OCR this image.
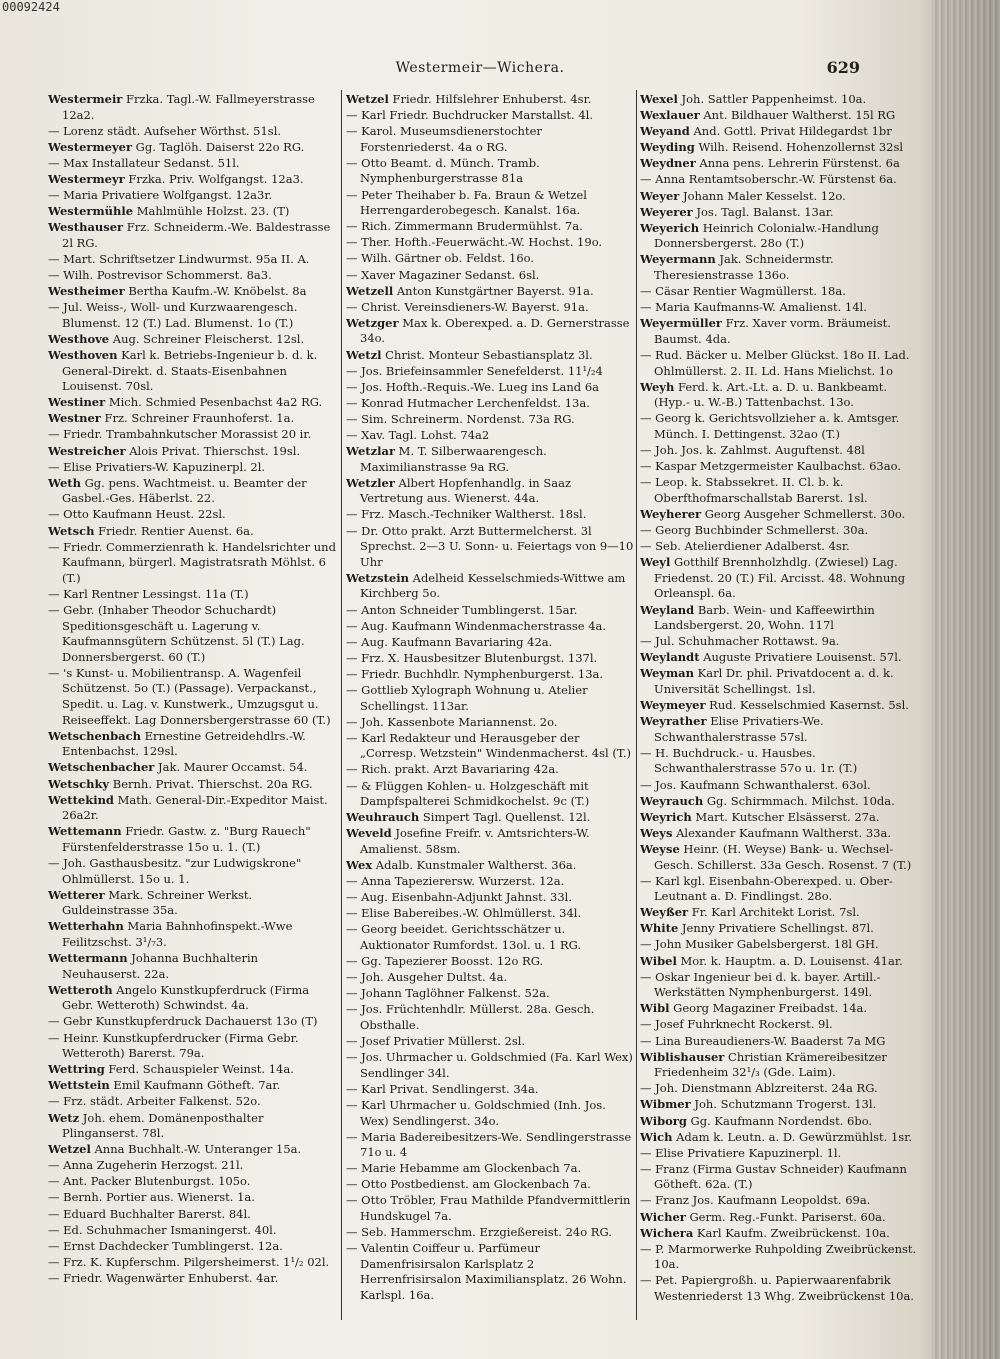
00092424
Westermeir—Wichera.	629
Westermeir Frzka. Tagl.-W. Fallmeyerstrasse 12a2.
— Lorenz städt. Aufseher Wörthst. 51sl.
Westermeyer Gg. Taglöh. Daiserst 22o RG.
— Max Installateur Sedanst. 51l.
Westermeyr Frzka. Priv. Wolfgangst. 12a3.
— Maria Privatiere Wolfgangst. 12a3r.
Westermühle Mahlmühle Holzst. 23. (T)
Westhauser Frz. Schneiderm.-We. Baldestrasse 2l RG.
— Mart. Schriftsetzer Lindwurmst. 95a II. A.
— Wilh. Postrevisor Schommerst. 8a3.
Westheimer Bertha Kaufm.-W. Knöbelst. 8a
— Jul. Weiss-, Woll- und Kurzwaarengesch. Blumenst. 12 (T.) Lad. Blumenst. 1o (T.)
Westhove Aug. Schreiner Fleischerst. 12sl.
Westhoven Karl k. Betriebs-Ingenieur b. d. k. General-Direkt. d. Staats-Eisenbahnen Louisenst. 70sl.
Westiner Mich. Schmied Pesenbachst 4a2 RG.
Westner Frz. Schreiner Fraunhoferst. 1a.
— Friedr. Trambahnkutscher Morassist 20 ir.
Westreicher Alois Privat. Thierschst. 19sl.
— Elise Privatiers-W. Kapuzinerpl. 2l.
Weth Gg. pens. Wachtmeist. u. Beamter der Gasbel.-Ges. Häberlst. 22.
— Otto Kaufmann Heust. 22sl.
Wetsch Friedr. Rentier Auenst. 6a.
— Friedr. Commerzienrath k. Handelsrichter und Kaufmann, bürgerl. Magistratsrath Möhlst. 6 (T.)
— Karl Rentner Lessingst. 11a (T.)
— Gebr. (Inhaber Theodor Schuchardt) Speditionsgeschäft u. Lagerung v. Kaufmannsgütern Schützenst. 5l (T.) Lag. Donnersbergerst. 60 (T.)
— 's Kunst- u. Mobilientransp. A. Wagenfeil Schützenst. 5o (T.) (Passage). Verpackanst., Spedit. u. Lag. v. Kunstwerk., Umzugsgut u. Reiseeffekt. Lag Donnersbergerstrasse 60 (T.)
Wetschenbach Ernestine Getreidehdlrs.-W. Entenbachst. 129sl.
Wetschenbacher Jak. Maurer Occamst. 54.
Wetschky Bernh. Privat. Thierschst. 20a RG.
Wettekind Math. General-Dir.-Expeditor Maist. 26a2r.
Wettemann Friedr. Gastw. z. "Burg Rauech" Fürstenfelderstrasse 15o u. 1. (T.)
— Joh. Gasthausbesitz. "zur Ludwigskrone" Ohlmüllerst. 15o u. 1.
Wetterer Mark. Schreiner Werkst. Guldeinstrasse 35a.
Wetterhahn Maria Bahnhofinspekt.-Wwe Feilitzschst. 3¹/₇3.
Wettermann Johanna Buchhalterin Neuhauserst. 22a.
Wetteroth Angelo Kunstkupferdruck (Firma Gebr. Wetteroth) Schwindst. 4a.
— Gebr Kunstkupferdruck Dachauerst 13o (T)
— Heinr. Kunstkupferdrucker (Firma Gebr. Wetteroth) Barerst. 79a.
Wettring Ferd. Schauspieler Weinst. 14a.
Wettstein Emil Kaufmann Götheft. 7ar.
— Frz. städt. Arbeiter Falkenst. 52o.
Wetz Joh. ehem. Domänenposthalter Plinganserst. 78l.
Wetzel Anna Buchhalt.-W. Unteranger 15a.
— Anna Zugeherin Herzogst. 21l.
— Ant. Packer Blutenburgst. 105o.
— Bernh. Portier aus. Wienerst. 1a.
— Eduard Buchhalter Barerst. 84l.
— Ed. Schuhmacher Ismaningerst. 40l.
— Ernst Dachdecker Tumblingerst. 12a.
— Frz. K. Kupferschm. Pilgersheimerst. 1¹/₂ 02l.
— Friedr. Wagenwärter Enhuberst. 4ar.
Wetzel Friedr. Hilfslehrer Enhuberst. 4sr.
— Karl Friedr. Buchdrucker Marstallst. 4l.
— Karol. Museumsdienerstochter Forstenriederst. 4a o RG.
— Otto Beamt. d. Münch. Tramb. Nymphenburgerstrasse 81a
— Peter Theihaber b. Fa. Braun & Wetzel Herrengarderobegesch. Kanalst. 16a.
— Rich. Zimmermann Brudermühlst. 7a.
— Ther. Hofth.-Feuerwächt.-W. Hochst. 19o.
— Wilh. Gärtner ob. Feldst. 16o.
— Xaver Magaziner Sedanst. 6sl.
Wetzell Anton Kunstgärtner Bayerst. 91a.
— Christ. Vereinsdieners-W. Bayerst. 91a.
Wetzger Max k. Oberexped. a. D. Gernerstrasse 34o.
Wetzl Christ. Monteur Sebastiansplatz 3l.
— Jos. Briefeinsammler Senefelderst. 11¹/₂4
— Jos. Hofth.-Requis.-We. Lueg ins Land 6a
— Konrad Hutmacher Lerchenfeldst. 13a.
— Sim. Schreinerm. Nordenst. 73a RG.
— Xav. Tagl. Lohst. 74a2
Wetzlar M. T. Silberwaarengesch. Maximilianstrasse 9a RG.
Wetzler Albert Hopfenhandlg. in Saaz Vertretung aus. Wienerst. 44a.
— Frz. Masch.-Techniker Waltherst. 18sl.
— Dr. Otto prakt. Arzt Buttermelcherst. 3l Sprechst. 2—3 U. Sonn- u. Feiertags von 9—10 Uhr
Wetzstein Adelheid Kesselschmieds-Wittwe am Kirchberg 5o.
— Anton Schneider Tumblingerst. 15ar.
— Aug. Kaufmann Windenmacherstrasse 4a.
— Aug. Kaufmann Bavariaring 42a.
— Frz. X. Hausbesitzer Blutenburgst. 137l.
— Friedr. Buchhdlr. Nymphenburgerst. 13a.
— Gottlieb Xylograph Wohnung u. Atelier Schellingst. 113ar.
— Joh. Kassenbote Mariannenst. 2o.
— Karl Redakteur und Herausgeber der „Corresp. Wetzstein" Windenmacherst. 4sl (T.)
— Rich. prakt. Arzt Bavariaring 42a.
— & Flüggen Kohlen- u. Holzgeschäft mit Dampfspalterei Schmidkochelst. 9c (T.)
Weuhrauch Simpert Tagl. Quellenst. 12l.
Weveld Josefine Freifr. v. Amtsrichters-W. Amalienst. 58sm.
Wex Adalb. Kunstmaler Waltherst. 36a.
— Anna Tapezierersw. Wurzerst. 12a.
— Aug. Eisenbahn-Adjunkt Jahnst. 33l.
— Elise Babereibes.-W. Ohlmüllerst. 34l.
— Georg beeidet. Gerichtsschätzer u. Auktionator Rumfordst. 13ol. u. 1 RG.
— Gg. Tapezierer Boosst. 12o RG.
— Joh. Ausgeher Dultst. 4a.
— Johann Taglöhner Falkenst. 52a.
— Jos. Früchtenhdlr. Müllerst. 28a. Gesch. Obsthalle.
— Josef Privatier Müllerst. 2sl.
— Jos. Uhrmacher u. Goldschmied (Fa. Karl Wex) Sendlinger 34l.
— Karl Privat. Sendlingerst. 34a.
— Karl Uhrmacher u. Goldschmied (Inh. Jos. Wex) Sendlingerst. 34o.
— Maria Badereibesitzers-We. Sendlingerstrasse 71o u. 4
— Marie Hebamme am Glockenbach 7a.
— Otto Postbedienst. am Glockenbach 7a.
— Otto Tröbler, Frau Mathilde Pfandvermittlerin Hundskugel 7a.
— Seb. Hammerschm. Erzgießereist. 24o RG.
— Valentin Coiffeur u. Parfümeur Damenfrisirsalon Karlsplatz 2 Herrenfrisirsalon Maximiliansplatz. 26 Wohn. Karlspl. 16a.
Wexel Joh. Sattler Pappenheimst. 10a.
Wexlauer Ant. Bildhauer Waltherst. 15l RG
Weyand And. Gottl. Privat Hildegardst 1br
Weyding Wilh. Reisend. Hohenzollernst 32sl
Weydner Anna pens. Lehrerin Fürstenst. 6a
— Anna Rentamtsoberschr.-W. Fürstenst 6a.
Weyer Johann Maler Kesselst. 12o.
Weyerer Jos. Tagl. Balanst. 13ar.
Weyerich Heinrich Colonialw.-Handlung Donnersbergerst. 28o (T.)
Weyermann Jak. Schneidermstr. Theresienstrasse 136o.
— Cäsar Rentier Wagmüllerst. 18a.
— Maria Kaufmanns-W. Amalienst. 14l.
Weyermüller Frz. Xaver vorm. Bräumeist. Baumst. 4da.
— Rud. Bäcker u. Melber Glückst. 18o II. Lad. Ohlmüllerst. 2. II. Ld. Hans Mielichst. 1o
Weyh Ferd. k. Art.-Lt. a. D. u. Bankbeamt. (Hyp.- u. W.-B.) Tattenbachst. 13o.
— Georg k. Gerichtsvollzieher a. k. Amtsger. Münch. I. Dettingenst. 32ao (T.)
— Joh. Jos. k. Zahlmst. Auguftenst. 48l
— Kaspar Metzgermeister Kaulbachst. 63ao.
— Leop. k. Stabssekret. II. Cl. b. k. Oberfthofmarschallstab Barerst. 1sl.
Weyherer Georg Ausgeher Schmellerst. 30o.
— Georg Buchbinder Schmellerst. 30a.
— Seb. Atelierdiener Adalberst. 4sr.
Weyl Gotthilf Brennholzhdlg. (Zwiesel) Lag. Friedenst. 20 (T.) Fil. Arcisst. 48. Wohnung Orleanspl. 6a.
Weyland Barb. Wein- und Kaffeewirthin Landsbergerst. 20, Wohn. 117l
— Jul. Schuhmacher Rottawst. 9a.
Weylandt Auguste Privatiere Louisenst. 57l.
Weyman Karl Dr. phil. Privatdocent a. d. k. Universität Schellingst. 1sl.
Weymeyer Rud. Kesselschmied Kasernst. 5sl.
Weyrather Elise Privatiers-We. Schwanthalerstrasse 57sl.
— H. Buchdruck.- u. Hausbes. Schwanthalerstrasse 57o u. 1r. (T.)
— Jos. Kaufmann Schwanthalerst. 63ol.
Weyrauch Gg. Schirmmach. Milchst. 10da.
Weyrich Mart. Kutscher Elsässerst. 27a.
Weys Alexander Kaufmann Waltherst. 33a.
Weyse Heinr. (H. Weyse) Bank- u. Wechsel-Gesch. Schillerst. 33a Gesch. Rosenst. 7 (T.)
— Karl kgl. Eisenbahn-Oberexped. u. Ober-Leutnant a. D. Findlingst. 28o.
Weyßer Fr. Karl Architekt Lorist. 7sl.
White Jenny Privatiere Schellingst. 87l.
— John Musiker Gabelsbergerst. 18l GH.
Wibel Mor. k. Hauptm. a. D. Louisenst. 41ar.
— Oskar Ingenieur bei d. k. bayer. Artill.-Werkstätten Nymphenburgerst. 149l.
Wibl Georg Magaziner Freibadst. 14a.
— Josef Fuhrknecht Rockerst. 9l.
— Lina Bureaudieners-W. Baaderst 7a MG
Wiblishauser Christian Krämereibesitzer Friedenheim 32¹/₃ (Gde. Laim).
— Joh. Dienstmann Ablzreiterst. 24a RG.
Wibmer Joh. Schutzmann Trogerst. 13l.
Wiborg Gg. Kaufmann Nordendst. 6bo.
Wich Adam k. Leutn. a. D. Gewürzmühlst. 1sr.
— Elise Privatiere Kapuzinerpl. 1l.
— Franz (Firma Gustav Schneider) Kaufmann Götheft. 62a. (T.)
— Franz Jos. Kaufmann Leopoldst. 69a.
Wicher Germ. Reg.-Funkt. Pariserst. 60a.
Wichera Karl Kaufm. Zweibrückenst. 10a.
— P. Marmorwerke Ruhpolding Zweibrückenst. 10a.
— Pet. Papiergroßh. u. Papierwaarenfabrik Westenriederst 13 Whg. Zweibrückenst 10a.
